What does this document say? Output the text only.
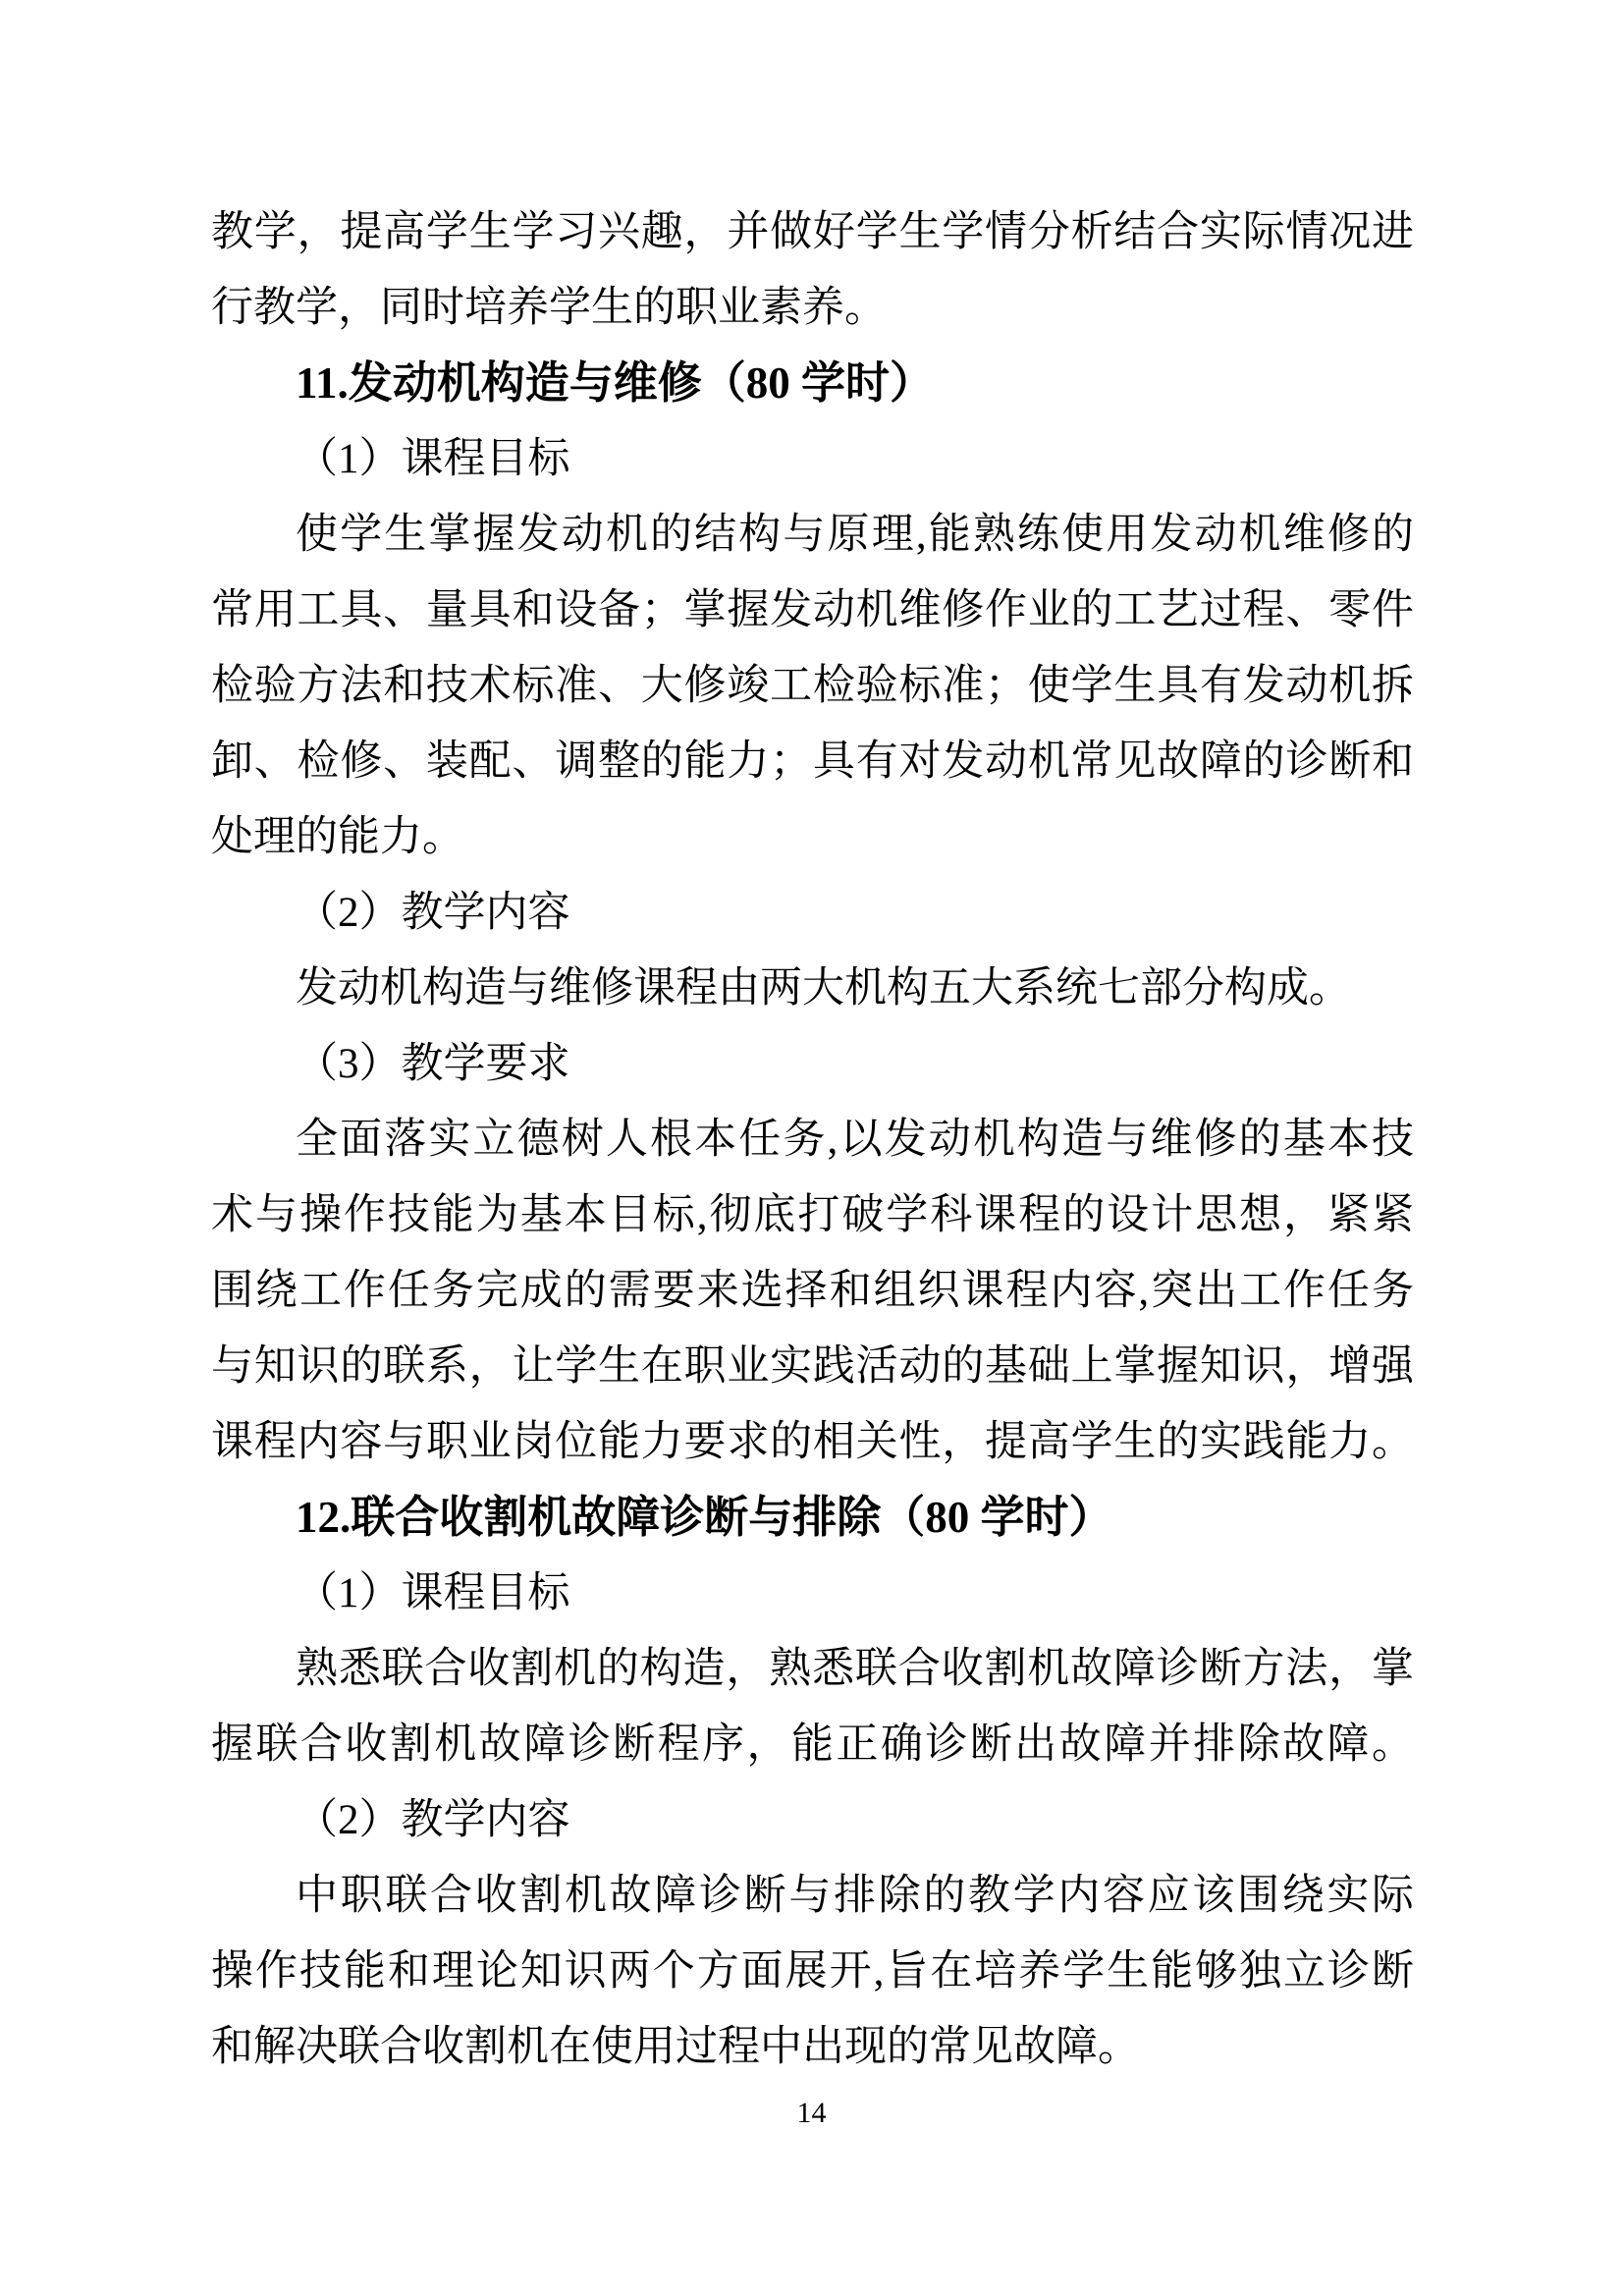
教学，提高学生学习兴趣，并做好学生学情分析结合实际情况进
行教学，同时培养学生的职业素养。
11.发动机构造与维修（80 学时）
（1）课程目标
使学生掌握发动机的结构与原理,能熟练使用发动机维修的
常用工具、量具和设备；掌握发动机维修作业的工艺过程、零件
检验方法和技术标准、大修竣工检验标准；使学生具有发动机拆
卸、检修、装配、调整的能力；具有对发动机常见故障的诊断和
处理的能力。
（2）教学内容
发动机构造与维修课程由两大机构五大系统七部分构成。
（3）教学要求
全面落实立德树人根本任务,以发动机构造与维修的基本技
术与操作技能为基本目标,彻底打破学科课程的设计思想，紧紧
围绕工作任务完成的需要来选择和组织课程内容,突出工作任务
与知识的联系，让学生在职业实践活动的基础上掌握知识，增强
课程内容与职业岗位能力要求的相关性，提高学生的实践能力。
12.联合收割机故障诊断与排除（80 学时）
（1）课程目标
熟悉联合收割机的构造，熟悉联合收割机故障诊断方法，掌
握联合收割机故障诊断程序，能正确诊断出故障并排除故障。
（2）教学内容
中职联合收割机故障诊断与排除的教学内容应该围绕实际
操作技能和理论知识两个方面展开,旨在培养学生能够独立诊断
和解决联合收割机在使用过程中出现的常见故障。
14
